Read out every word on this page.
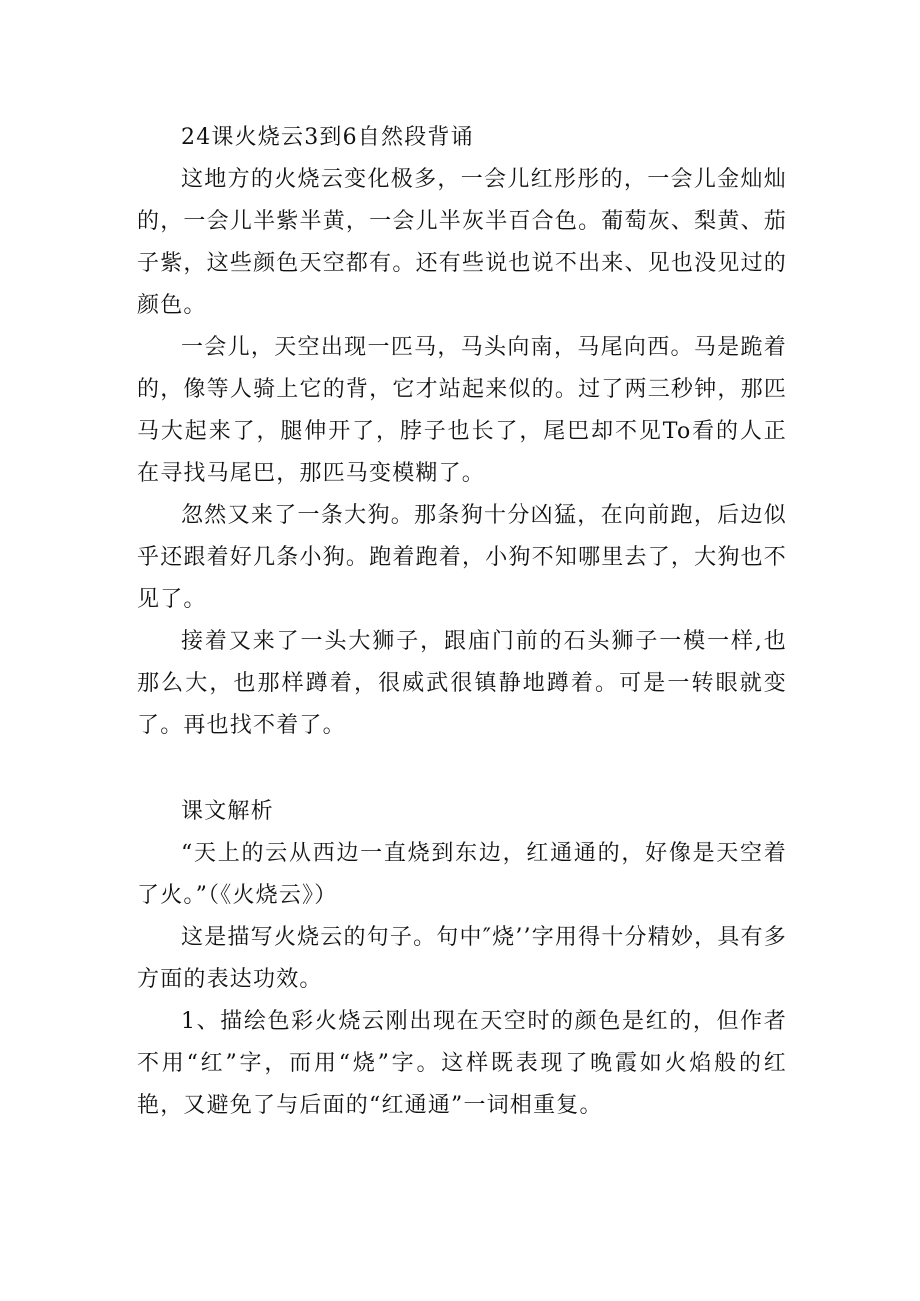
24课火烧云3到6自然段背诵

这地方的火烧云变化极多，一会儿红彤彤的，一会儿金灿灿的，一会儿半紫半黄，一会儿半灰半百合色。葡萄灰、梨黄、茄子紫，这些颜色天空都有。还有些说也说不出来、见也没见过的颜色。

一会儿，天空出现一匹马，马头向南，马尾向西。马是跪着的，像等人骑上它的背，它才站起来似的。过了两三秒钟，那匹马大起来了，腿伸开了，脖子也长了，尾巴却不见To看的人正在寻找马尾巴，那匹马变模糊了。

忽然又来了一条大狗。那条狗十分凶猛，在向前跑，后边似乎还跟着好几条小狗。跑着跑着，小狗不知哪里去了，大狗也不见了。

接着又来了一头大狮子，跟庙门前的石头狮子一模一样,也那么大，也那样蹲着，很威武很镇静地蹲着。可是一转眼就变了。再也找不着了。

课文解析

“天上的云从西边一直烧到东边，红通通的，好像是天空着了火。”（《火烧云》）

这是描写火烧云的句子。句中″烧’’字用得十分精妙，具有多方面的表达功效。

1、描绘色彩火烧云刚出现在天空时的颜色是红的，但作者不用“红”字，而用“烧”字。这样既表现了晚霞如火焰般的红艳，又避免了与后面的“红通通”一词相重复。
